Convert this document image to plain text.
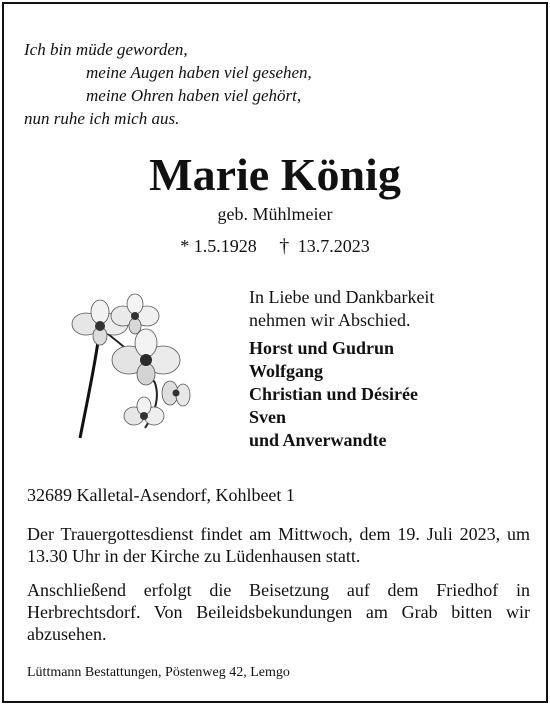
Ich bin müde geworden,
meine Augen haben viel gesehen,
meine Ohren haben viel gehört,
nun ruhe ich mich aus.
Marie König
geb. Mühlmeier
* 1.5.1928 † 13.7.2023
In Liebe und Dankbarkeit
nehmen wir Abschied.
Horst und Gudrun
Wolfgang
Christian und Désirée
Sven
und Anverwandte
32689 Kalletal-Asendorf, Kohlbeet 1
Der Trauergottesdienst findet am Mittwoch, dem 19. Juli 2023, um 13.30 Uhr in der Kirche zu Lüdenhausen statt.
Anschließend erfolgt die Beisetzung auf dem Friedhof in Herbrechtsdorf. Von Beileidsbekundungen am Grab bitten wir abzusehen.
Lüttmann Bestattungen, Pöstenweg 42, Lemgo
